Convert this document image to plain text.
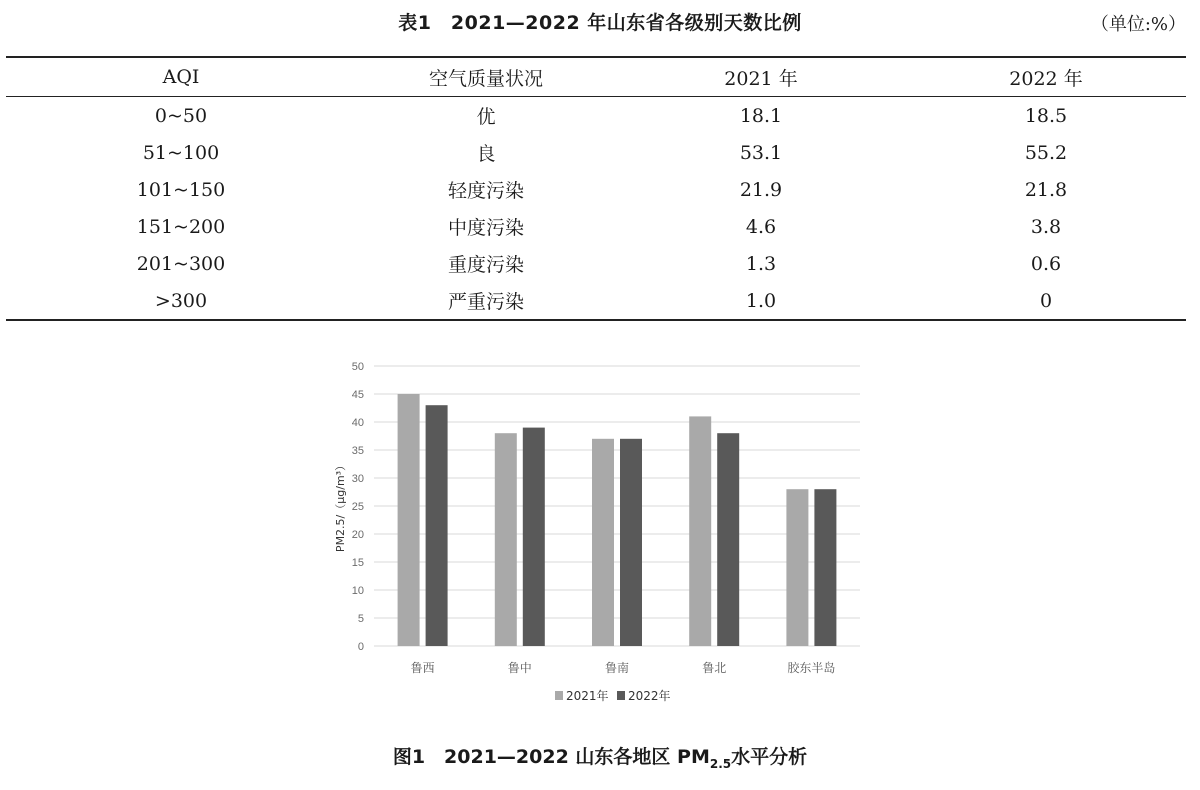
表1　2021—2022 年山东省各级别天数比例	（单位:%）
AQI	空气质量状况	2021 年	2022 年
0~50	优	18.1	18.5
51~100	良	53.1	55.2
101~150	轻度污染	21.9	21.8
151~200	中度污染	4.6	3.8
201~300	重度污染	1.3	0.6
>300	严重污染	1.0	0
0
5
10
15
20
25
30
35
40
45
50
PM2.5/（μg/m³）
鲁西	鲁中	鲁南	鲁北	胶东半岛
2021年 2022年
图1　2021—2022 山东各地区 $PM_{2.5}$水平分析
